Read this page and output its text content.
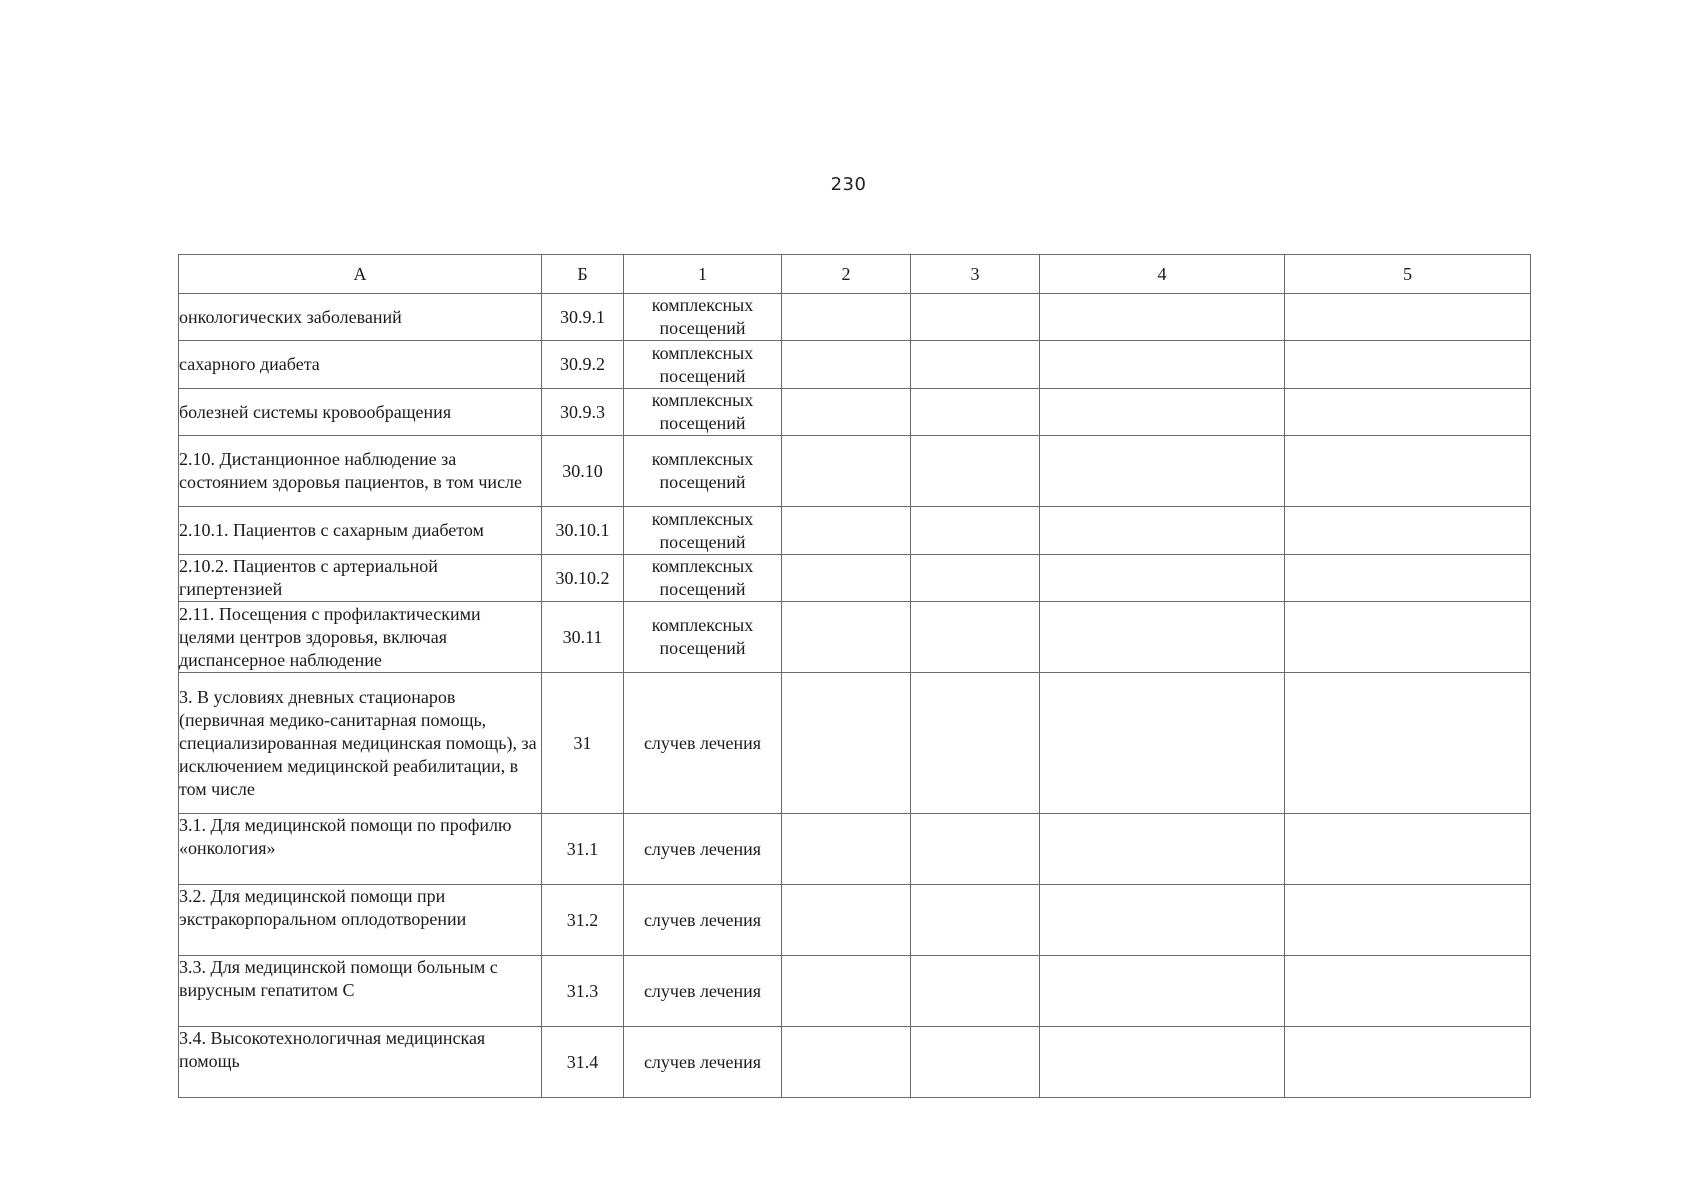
230
А	Б	1	2	3	4	5
онкологических заболеваний	30.9.1	комплексных посещений				
сахарного диабета	30.9.2	комплексных посещений				
болезней системы кровообращения	30.9.3	комплексных посещений				
2.10. Дистанционное наблюдение за состоянием здоровья пациентов, в том числе	30.10	комплексных посещений				
2.10.1. Пациентов с сахарным диабетом	30.10.1	комплексных посещений				
2.10.2. Пациентов с артериальной гипертензией	30.10.2	комплексных посещений				
2.11. Посещения с профилактическими целями центров здоровья, включая диспансерное наблюдение	30.11	комплексных посещений				
3. В условиях дневных стационаров (первичная медико-санитарная помощь, специализированная медицинская помощь), за исключением медицинской реабилитации, в том числе	31	случев лечения				
3.1. Для медицинской помощи по профилю «онкология»	31.1	случев лечения				
3.2. Для медицинской помощи при экстракорпоральном оплодотворении	31.2	случев лечения				
3.3. Для медицинской помощи больным с вирусным гепатитом С	31.3	случев лечения				
3.4. Высокотехнологичная медицинская помощь	31.4	случев лечения				
